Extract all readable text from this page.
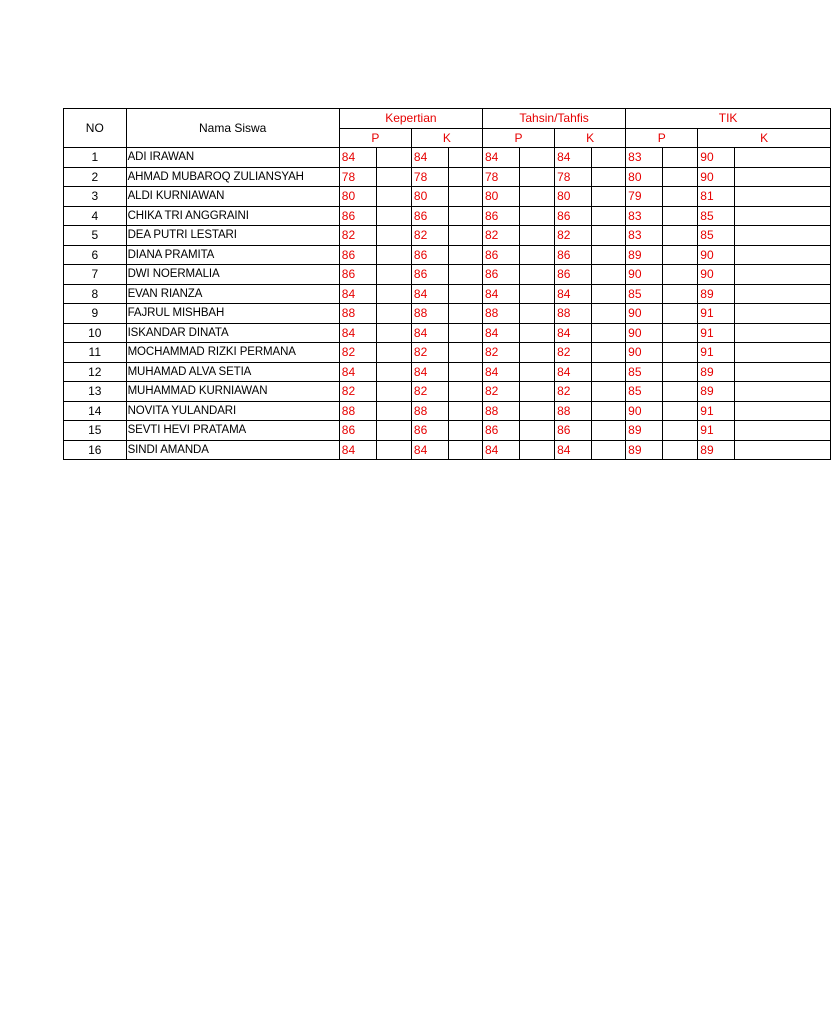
NO	Nama Siswa	Kepertian				Tahsin/Tahfis				TIK			
		P		K		P		K		P		K	
1	ADI IRAWAN	84		84		84		84		83		90	
2	AHMAD MUBAROQ ZULIANSYAH	78		78		78		78		80		90	
3	ALDI KURNIAWAN	80		80		80		80		79		81	
4	CHIKA TRI ANGGRAINI	86		86		86		86		83		85	
5	DEA PUTRI LESTARI	82		82		82		82		83		85	
6	DIANA PRAMITA	86		86		86		86		89		90	
7	DWI NOERMALIA	86		86		86		86		90		90	
8	EVAN RIANZA	84		84		84		84		85		89	
9	FAJRUL MISHBAH	88		88		88		88		90		91	
10	ISKANDAR DINATA	84		84		84		84		90		91	
11	MOCHAMMAD RIZKI PERMANA	82		82		82		82		90		91	
12	MUHAMAD ALVA SETIA	84		84		84		84		85		89	
13	MUHAMMAD KURNIAWAN	82		82		82		82		85		89	
14	NOVITA YULANDARI	88		88		88		88		90		91	
15	SEVTI HEVI PRATAMA	86		86		86		86		89		91	
16	SINDI AMANDA	84		84		84		84		89		89	
